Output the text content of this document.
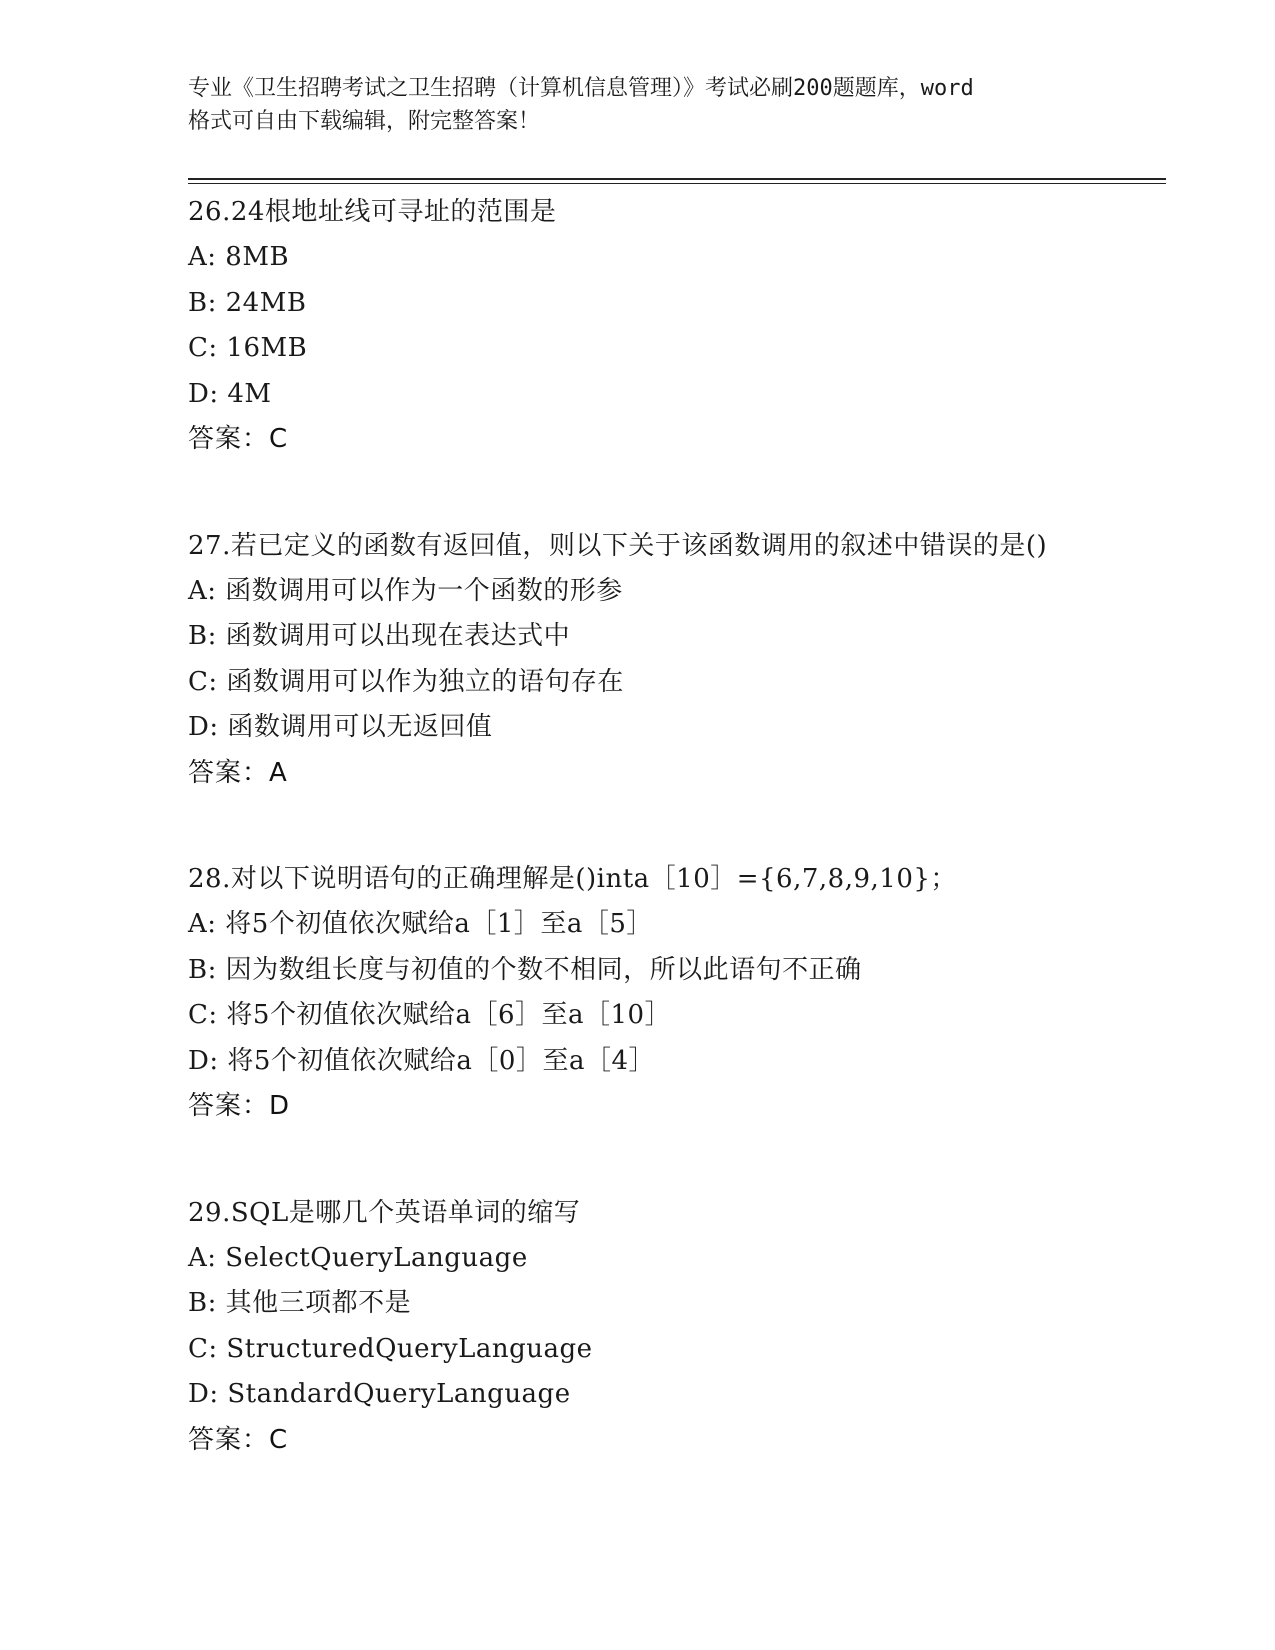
专业《卫生招聘考试之卫生招聘（计算机信息管理）》考试必刷200题题库，word
格式可自由下载编辑，附完整答案！
26.24根地址线可寻址的范围是
A: 8MB
B: 24MB
C: 16MB
D: 4M
答案：C
27.若已定义的函数有返回值，则以下关于该函数调用的叙述中错误的是()
A: 函数调用可以作为一个函数的形参
B: 函数调用可以出现在表达式中
C: 函数调用可以作为独立的语句存在
D: 函数调用可以无返回值
答案：A
28.对以下说明语句的正确理解是()inta［10］={6,7,8,9,10}；
A: 将5个初值依次赋给a［1］至a［5］
B: 因为数组长度与初值的个数不相同，所以此语句不正确
C: 将5个初值依次赋给a［6］至a［10］
D: 将5个初值依次赋给a［0］至a［4］
答案：D
29.SQL是哪几个英语单词的缩写
A: SelectQueryLanguage
B: 其他三项都不是
C: StructuredQueryLanguage
D: StandardQueryLanguage
答案：C
